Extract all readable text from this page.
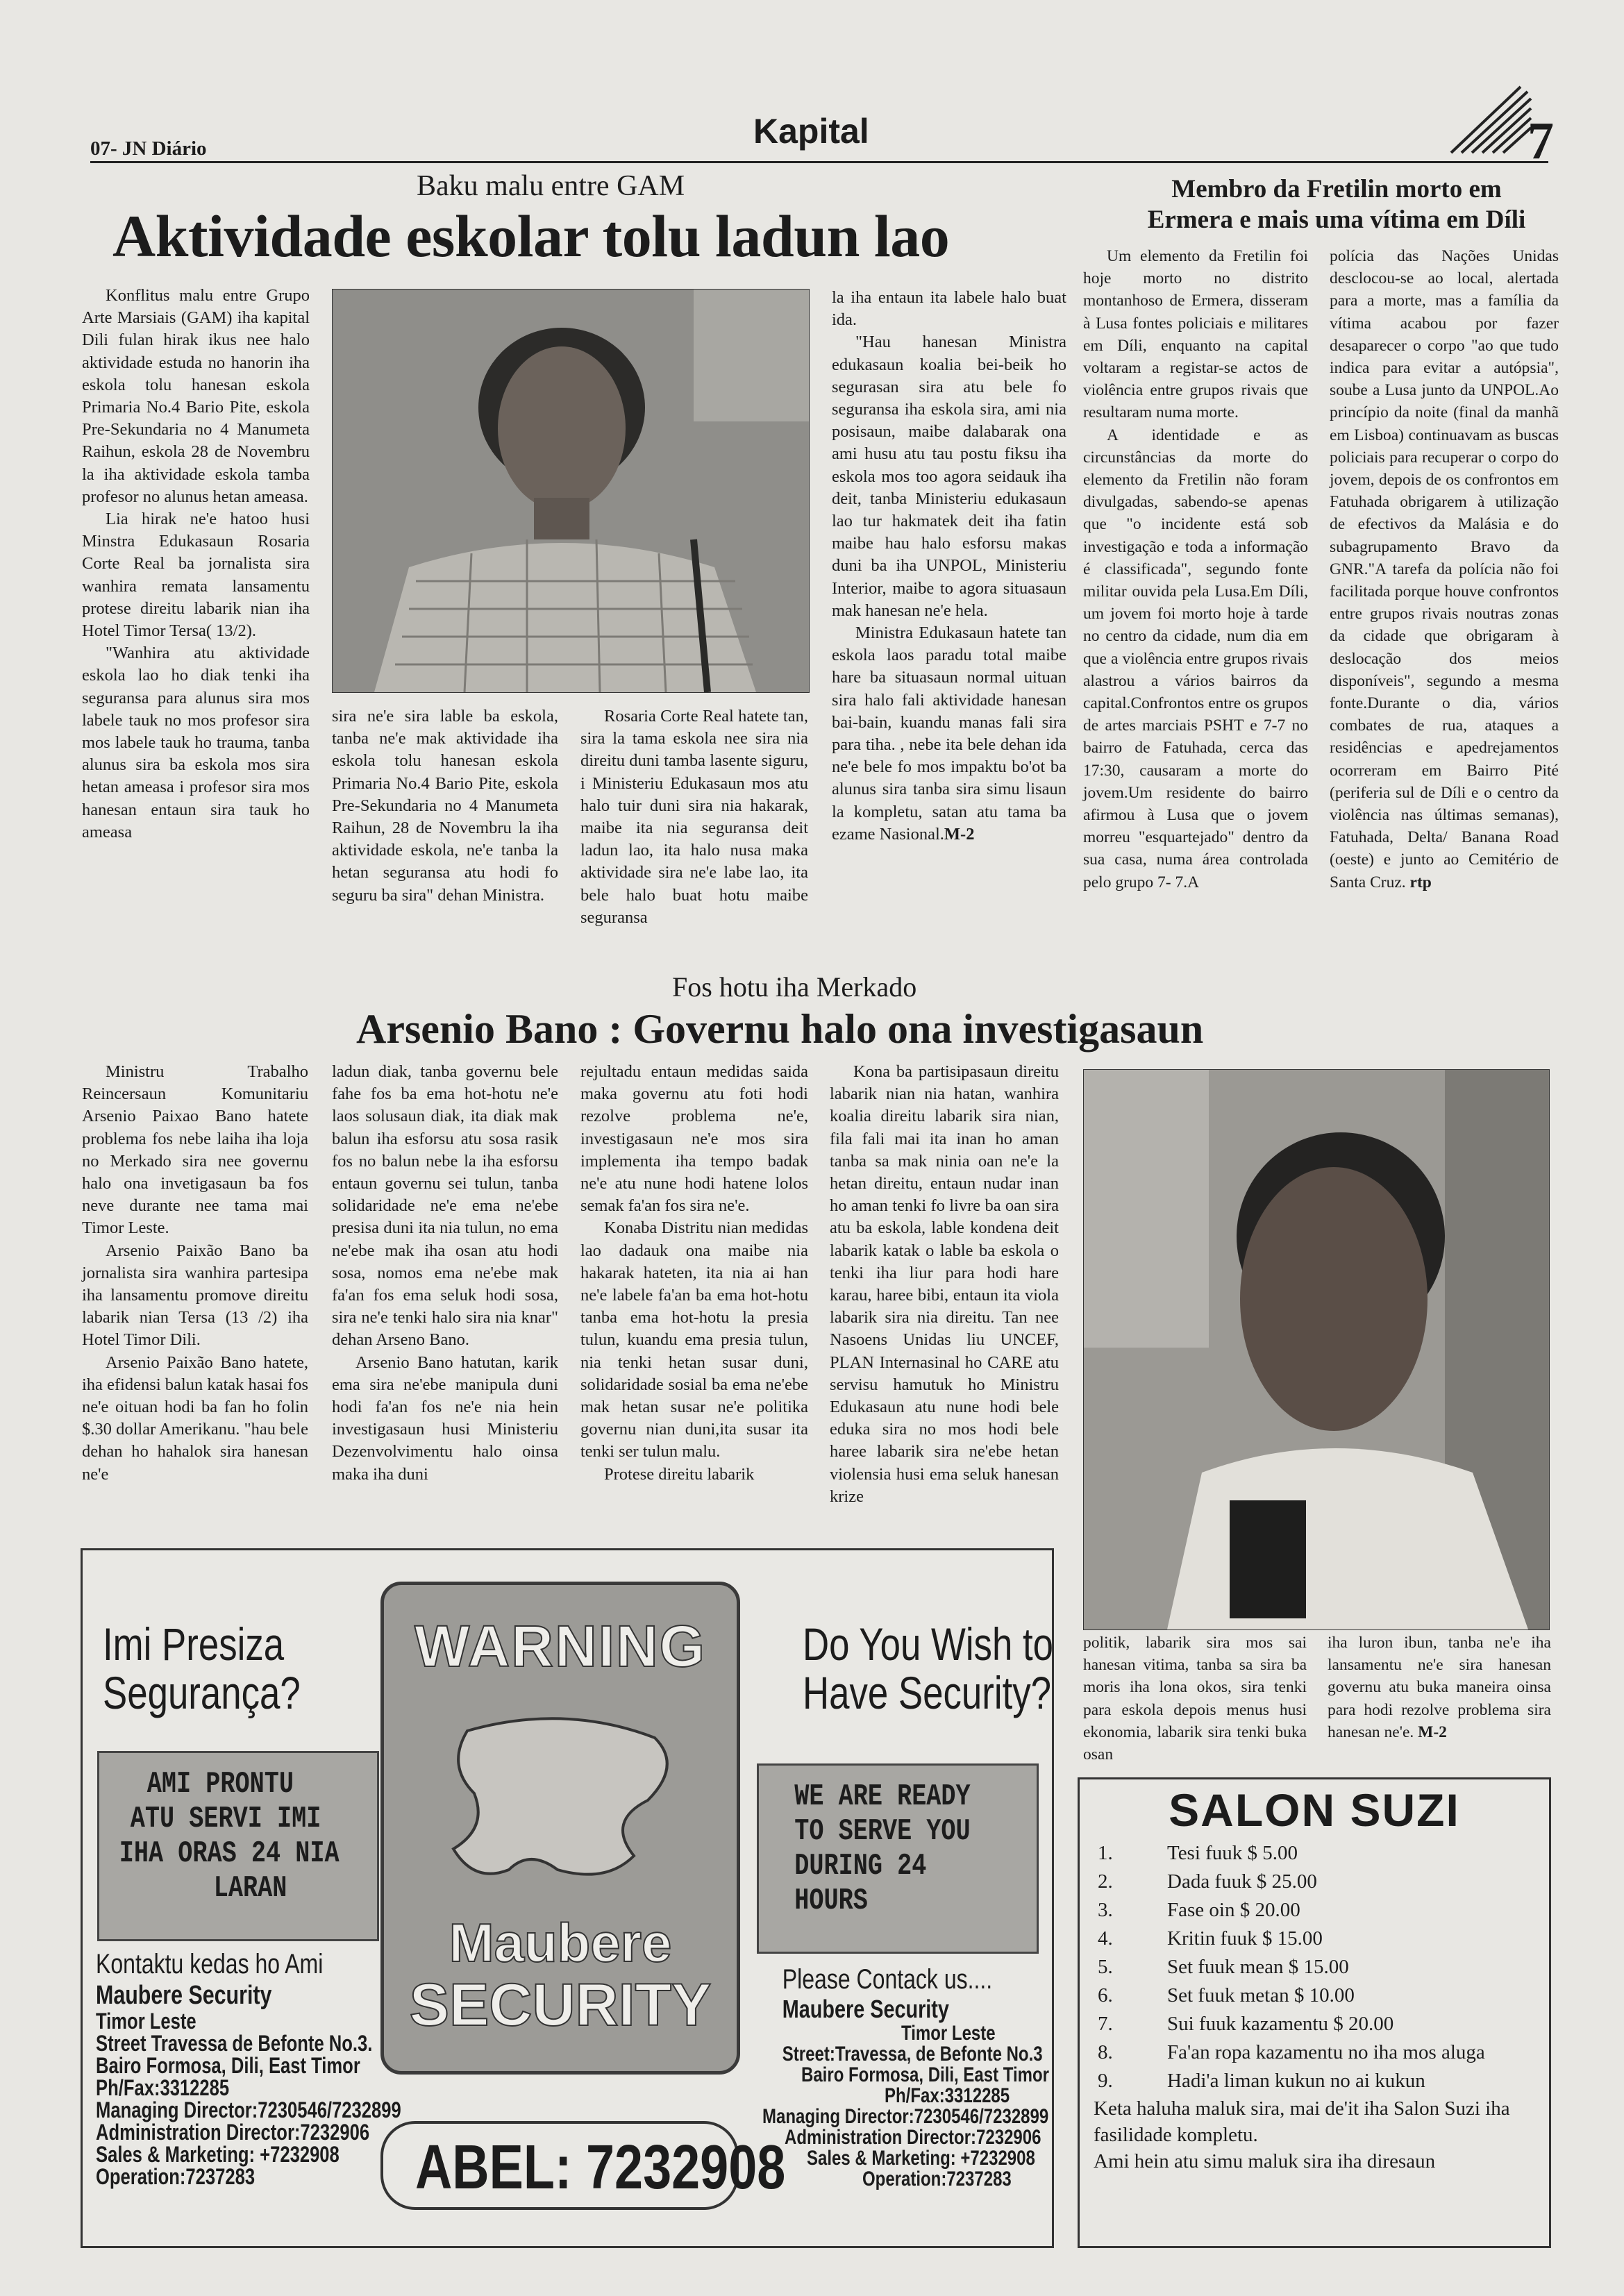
07- JN Diário	Kapital	7
Baku malu entre GAM
Aktividade eskolar tolu ladun lao

Konflitus malu entre Grupo Arte Marsiais (GAM) iha kapital Dili fulan hirak ikus nee halo aktividade estuda no hanorin iha eskola tolu hanesan eskola Primaria No.4 Bario Pite, eskola Pre-Sekundaria no 4 Manumeta Raihun, eskola 28 de Novembru la iha aktividade eskola tamba profesor no alunus hetan ameasa.

Lia hirak ne'e hatoo husi Minstra Edukasaun Rosaria Corte Real ba jornalista sira wanhira remata lansamentu protese direitu labarik nian iha Hotel Timor Tersa( 13/2).

"Wanhira atu aktividade eskola lao ho diak tenki iha seguransa para alunus sira mos labele tauk no mos profesor sira mos labele tauk ho trauma, tanba alunus sira ba eskola mos sira hetan ameasa i profesor sira mos hanesan entaun sira tauk ho ameasa

sira ne'e sira lable ba eskola, tanba ne'e mak aktividade iha eskola tolu hanesan eskola Primaria No.4 Bario Pite, eskola Pre-Sekundaria no 4 Manumeta Raihun, 28 de Novembru la iha aktividade eskola, ne'e tanba la hetan seguransa atu hodi fo seguru ba sira" dehan Ministra.

Rosaria Corte Real hatete tan, sira la tama eskola nee sira nia direitu duni tamba lasente siguru, i Ministeriu Edukasaun mos atu halo tuir duni sira nia hakarak, maibe ita nia seguransa deit ladun lao, ita halo nusa maka aktividade sira ne'e labe lao, ita bele halo buat hotu maibe seguransa

la iha entaun ita labele halo buat ida.

"Hau hanesan Ministra edukasaun koalia bei-beik ho segurasan sira atu bele fo seguransa iha eskola sira, ami nia posisaun, maibe dalabarak ona ami husu atu tau postu fiksu iha eskola mos too agora seidauk iha deit, tanba Ministeriu edukasaun lao tur hakmatek deit iha fatin maibe hau halo esforsu makas duni ba iha UNPOL, Ministeriu Interior, maibe to agora situasaun mak hanesan ne'e hela.

Ministra Edukasaun hatete tan eskola laos paradu total maibe hare ba situasaun normal uituan sira halo fali aktividade hanesan bai-bain, kuandu manas fali sira para tiha. , nebe ita bele dehan ida ne'e bele fo mos impaktu bo'ot ba alunus sira tanba sira simu lisaun la kompletu, satan atu tama ba ezame Nasional.M-2

Membro da Fretilin morto em
Ermera e mais uma vítima em Díli

Um elemento da Fretilin foi hoje morto no distrito montanhoso de Ermera, disseram à Lusa fontes policiais e militares em Díli, enquanto na capital voltaram a registar-se actos de violência entre grupos rivais que resultaram numa morte.

A identidade e as circunstâncias da morte do elemento da Fretilin não foram divulgadas, sabendo-se apenas que "o incidente está sob investigação e toda a informação é classificada", segundo fonte militar ouvida pela Lusa.Em Díli, um jovem foi morto hoje à tarde no centro da cidade, num dia em que a violência entre grupos rivais alastrou a vários bairros da capital.Confrontos entre os grupos de artes marciais PSHT e 7-7 no bairro de Fatuhada, cerca das 17:30, causaram a morte do jovem.Um residente do bairro afirmou à Lusa que o jovem morreu "esquartejado" dentro da sua casa, numa área controlada pelo grupo 7- 7.A

polícia das Nações Unidas desclocou-se ao local, alertada para a morte, mas a família da vítima acabou por fazer desaparecer o corpo "ao que tudo indica para evitar a autópsia", soube a Lusa junto da UNPOL.Ao princípio da noite (final da manhã em Lisboa) continuavam as buscas policiais para recuperar o corpo do jovem, depois de os confrontos em Fatuhada obrigarem à utilização de efectivos da Malásia e do subagrupamento Bravo da GNR."A tarefa da polícia não foi facilitada porque houve confrontos entre grupos rivais noutras zonas da cidade que obrigaram à deslocação dos meios disponíveis", segundo a mesma fonte.Durante o dia, vários combates de rua, ataques a residências e apedrejamentos ocorreram em Bairro Pité (periferia sul de Díli e o centro da violência nas últimas semanas), Fatuhada, Delta/ Banana Road (oeste) e junto ao Cemitério de Santa Cruz. rtp

Fos hotu iha Merkado
Arsenio Bano : Governu halo ona investigasaun

Ministru Trabalho Reincersaun Komunitariu Arsenio Paixao Bano hatete problema fos nebe laiha iha loja no Merkado sira nee governu halo ona invetigasaun ba fos neve durante nee tama mai Timor Leste.

Arsenio Paixão Bano ba jornalista sira wanhira partesipa iha lansamentu promove direitu labarik nian Tersa (13 /2) iha Hotel Timor Dili.

Arsenio Paixão Bano hatete, iha efidensi balun katak hasai fos ne'e oituan hodi ba fan ho folin $.30 dollar Amerikanu. "hau bele dehan ho hahalok sira hanesan ne'e

ladun diak, tanba governu bele fahe fos ba ema hot-hotu ne'e laos solusaun diak, ita diak mak balun iha esforsu atu sosa rasik fos no balun nebe la iha esforsu entaun governu sei tulun, tanba solidaridade ne'e ema ne'ebe presisa duni ita nia tulun, no ema ne'ebe mak iha osan atu hodi sosa, nomos ema ne'ebe mak fa'an fos ema seluk hodi sosa, sira ne'e tenki halo sira nia knar" dehan Arseno Bano.

Arsenio Bano hatutan, karik ema sira ne'ebe manipula duni hodi fa'an fos ne'e nia hein investigasaun husi Ministeriu Dezenvolvimentu halo oinsa maka iha duni

rejultadu entaun medidas saida maka governu atu foti hodi rezolve problema ne'e, investigasaun ne'e mos sira implementa iha tempo badak ne'e atu nune hodi hatene lolos semak fa'an fos sira ne'e.

Konaba Distritu nian medidas lao dadauk ona maibe nia hakarak hateten, ita nia ai han ne'e labele fa'an ba ema hot-hotu tanba ema hot-hotu la presia tulun, kuandu ema presia tulun, nia tenki hetan susar duni, solidaridade sosial ba ema ne'ebe mak hetan susar ne'e politika governu nian duni,ita susar ita tenki ser tulun malu.

Protese direitu labarik

Kona ba partisipasaun direitu labarik nian nia hatan, wanhira koalia direitu labarik sira nian, fila fali mai ita inan ho aman tanba sa mak ninia oan ne'e la hetan direitu, entaun nudar inan ho aman tenki fo livre ba oan sira atu ba eskola, lable kondena deit labarik katak o lable ba eskola o tenki iha liur para hodi hare karau, haree bibi, entaun ita viola labarik sira nia direitu. Tan nee Nasoens Unidas liu UNCEF, PLAN Internasinal ho CARE atu servisu hamutuk ho Ministru Edukasaun atu nune hodi bele eduka sira no mos hodi bele haree labarik sira ne'ebe hetan violensia husi ema seluk hanesan krize

politik, labarik sira mos sai hanesan vitima, tanba sa sira ba moris iha lona okos, sira tenki para eskola depois menus husi ekonomia, labarik sira tenki buka osan

iha luron ibun, tanba ne'e iha lansamentu ne'e sira hanesan governu atu buka maneira oinsa para hodi rezolve problema sira hanesan ne'e. M-2

Imi Presiza
Segurança?
AMI PRONTU
ATU SERVI IMI
IHA ORAS 24 NIA
LARAN
Kontaktu kedas ho Ami
Maubere Security
Timor Leste
Street Travessa de Befonte No.3.
Bairo Formosa, Dili, East Timor
Ph/Fax:3312285
Managing Director:7230546/7232899
Administration Director:7232906
Sales & Marketing: +7232908
Operation:7237283
WARNING
Maubere
SECURITY
ABEL: 7232908
Do You Wish to
Have Security?
WE ARE READY
TO SERVE YOU
DURING 24
HOURS
Please Contack us....
Maubere Security
Timor Leste
Street:Travessa, de Befonte No.3
Bairo Formosa, Dili, East Timor
Ph/Fax:3312285
Managing Director:7230546/7232899
Administration Director:7232906
Sales & Marketing: +7232908
Operation:7237283
SALON SUZI
1.	Tesi fuuk $ 5.00
2.	Dada fuuk $ 25.00
3.	Fase oin $ 20.00
4.	Kritin fuuk $ 15.00
5.	Set fuuk mean $ 15.00
6.	Set fuuk metan $ 10.00
7.	Sui fuuk kazamentu $ 20.00
8.	Fa'an ropa kazamentu no iha mos aluga
9.	Hadi'a liman kukun no ai kukun
Keta haluha maluk sira, mai de'it iha Salon Suzi iha fasilidade kompletu.
Ami hein atu simu maluk sira iha diresaun
